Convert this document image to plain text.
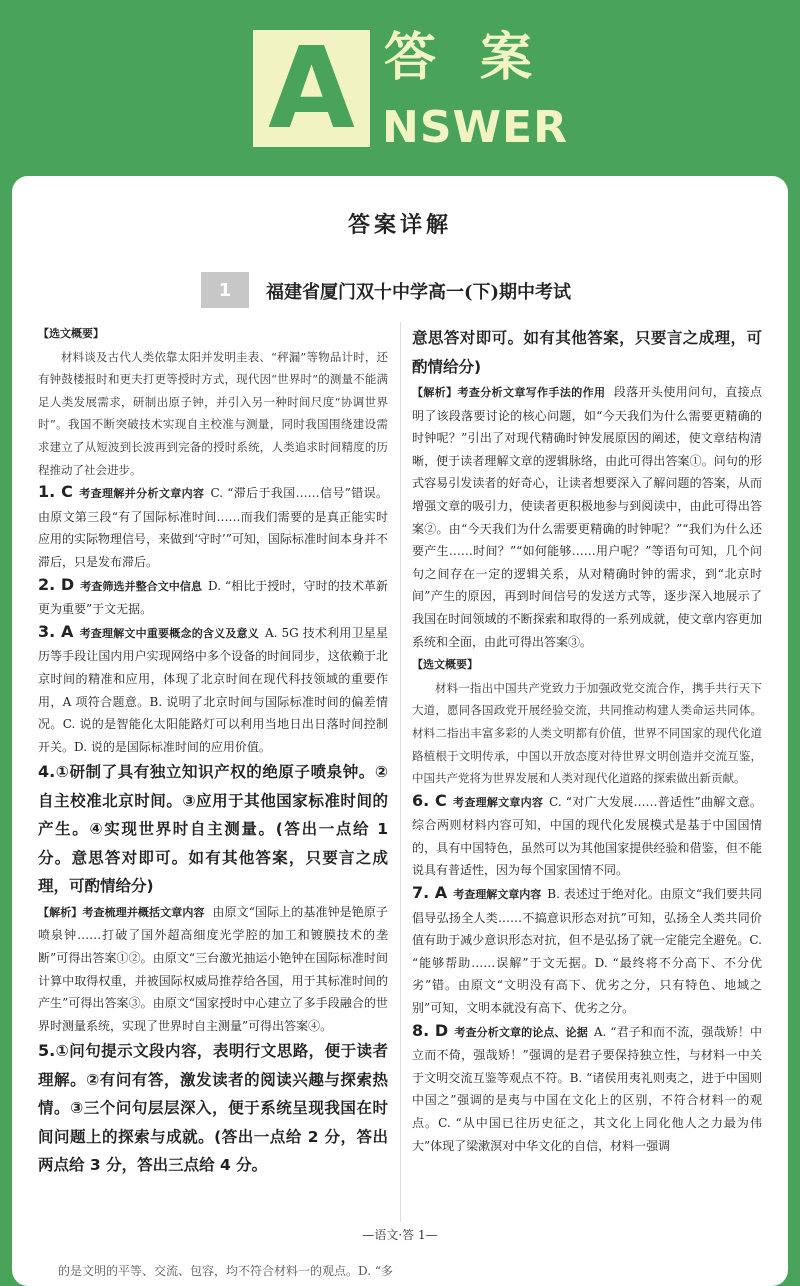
A 答案
NSWER
答案详解
1	福建省厦门双十中学高一(下)期中考试

【选文概要】

材料谈及古代人类依靠太阳并发明圭表、“秤漏”等物品计时，还有钟鼓楼报时和更夫打更等授时方式，现代因“世界时”的测量不能满足人类发展需求，研制出原子钟，并引入另一种时间尺度“协调世界时”。我国不断突破技术实现自主校准与测量，同时我国围绕建设需求建立了从短波到长波再到完备的授时系统，人类追求时间精度的历程推动了社会进步。

1. C 考查理解并分析文章内容 C. “滞后于我国……信号”错误。由原文第三段“有了国际标准时间……而我们需要的是真正能实时应用的实际物理信号，来做到‘守时’”可知，国际标准时间本身并不滞后，只是发布滞后。

2. D 考查筛选并整合文中信息 D. “相比于授时，守时的技术革新更为重要”于文无据。

3. A 考查理解文中重要概念的含义及意义 A. 5G 技术利用卫星星历等手段让国内用户实现网络中多个设备的时间同步，这依赖于北京时间的精准和应用，体现了北京时间在现代科技领域的重要作用，A 项符合题意。B. 说明了北京时间与国际标准时间的偏差情况。C. 说的是智能化太阳能路灯可以利用当地日出日落时间控制开关。D. 说的是国际标准时间的应用价值。

4.①研制了具有独立知识产权的绝原子喷泉钟。②自主校准北京时间。③应用于其他国家标准时间的产生。④实现世界时自主测量。(答出一点给 1 分。意思答对即可。如有其他答案，只要言之成理，可酌情给分)

【解析】考查梳理并概括文章内容 由原文“国际上的基准钟是铯原子喷泉钟……打破了国外超高细度光学腔的加工和镀膜技术的垄断”可得出答案①②。由原文“三台激光抽运小铯钟在国际标准时间计算中取得权重，并被国际权威局推荐给各国，用于其标准时间的产生”可得出答案③。由原文“国家授时中心建立了多手段融合的世界时测量系统，实现了世界时自主测量”可得出答案④。

5.①问句提示文段内容，表明行文思路，便于读者理解。②有问有答，激发读者的阅读兴趣与探索热情。③三个问句层层深入，便于系统呈现我国在时间问题上的探索与成就。(答出一点给 2 分，答出两点给 3 分，答出三点给 4 分。

意思答对即可。如有其他答案，只要言之成理，可酌情给分)

【解析】考查分析文章写作手法的作用 段落开头使用问句，直接点明了该段落要讨论的核心问题，如“今天我们为什么需要更精确的时钟呢？”引出了对现代精确时钟发展原因的阐述，使文章结构清晰，便于读者理解文章的逻辑脉络，由此可得出答案①。问句的形式容易引发读者的好奇心，让读者想要深入了解问题的答案，从而增强文章的吸引力，使读者更积极地参与到阅读中，由此可得出答案②。由“今天我们为什么需要更精确的时钟呢？”“我们为什么还要产生……时间？”“如何能够……用户呢？”等语句可知，几个问句之间存在一定的逻辑关系，从对精确时钟的需求，到“北京时间”产生的原因，再到时间信号的发送方式等，逐步深入地展示了我国在时间领域的不断探索和取得的一系列成就，使文章内容更加系统和全面，由此可得出答案③。

【选文概要】

材料一指出中国共产党致力于加强政党交流合作，携手共行天下大道，愿同各国政党开展经验交流，共同推动构建人类命运共同体。材料二指出丰富多彩的人类文明都有价值，世界不同国家的现代化道路植根于文明传承，中国以开放态度对待世界文明创造并交流互鉴，中国共产党将为世界发展和人类对现代化道路的探索做出新贡献。

6. C 考查理解文章内容 C. “对广大发展……普适性”曲解文意。综合两则材料内容可知，中国的现代化发展模式是基于中国国情的，具有中国特色，虽然可以为其他国家提供经验和借鉴，但不能说具有普适性，因为每个国家国情不同。

7. A 考查理解文章内容 B. 表述过于绝对化。由原文“我们要共同倡导弘扬全人类……不搞意识形态对抗”可知，弘扬全人类共同价值有助于减少意识形态对抗，但不是弘扬了就一定能完全避免。C. “能够帮助……误解”于文无据。D. “最终将不分高下、不分优劣”错。由原文“文明没有高下、优劣之分，只有特色、地域之别”可知，文明本就没有高下、优劣之分。

8. D 考查分析文章的论点、论据 A. “君子和而不流，强哉矫！中立而不倚，强哉矫！”强调的是君子要保持独立性，与材料一中关于文明交流互鉴等观点不符。B. “诸侯用夷礼则夷之，进于中国则中国之”强调的是夷与中国在文化上的区别，不符合材料一的观点。C. “从中国已往历史征之，其文化上同化他人之力最为伟大”体现了梁漱溟对中华文化的自信，材料一强调

—语文·答 1—
的是文明的平等、交流、包容，均不符合材料一的观点。D. “多
